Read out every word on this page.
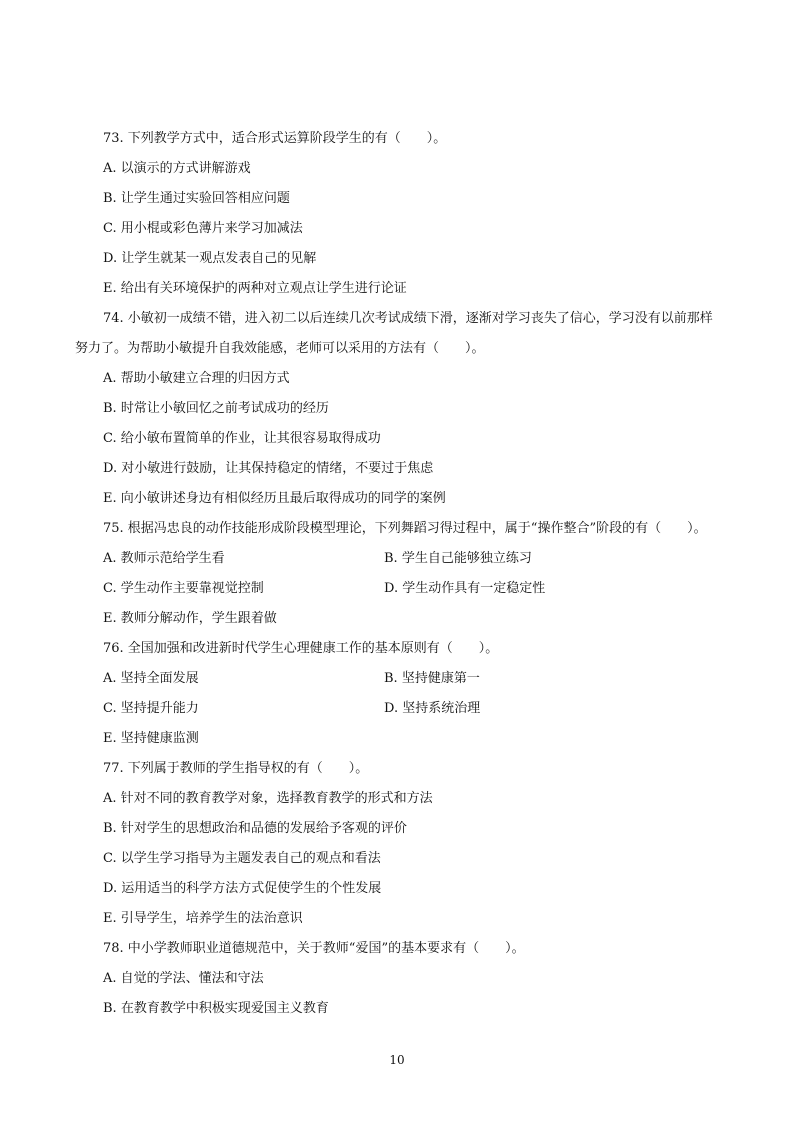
73. 下列教学方式中，适合形式运算阶段学生的有（　　）。
A. 以演示的方式讲解游戏
B. 让学生通过实验回答相应问题
C. 用小棍或彩色薄片来学习加减法
D. 让学生就某一观点发表自己的见解
E. 给出有关环境保护的两种对立观点让学生进行论证
74. 小敏初一成绩不错，进入初二以后连续几次考试成绩下滑，逐渐对学习丧失了信心，学习没有以前那样
努力了。为帮助小敏提升自我效能感，老师可以采用的方法有（　　）。
A. 帮助小敏建立合理的归因方式
B. 时常让小敏回忆之前考试成功的经历
C. 给小敏布置简单的作业，让其很容易取得成功
D. 对小敏进行鼓励，让其保持稳定的情绪，不要过于焦虑
E. 向小敏讲述身边有相似经历且最后取得成功的同学的案例
75. 根据冯忠良的动作技能形成阶段模型理论，下列舞蹈习得过程中，属于“操作整合”阶段的有（　　）。
A. 教师示范给学生看	B. 学生自己能够独立练习
C. 学生动作主要靠视觉控制	D. 学生动作具有一定稳定性
E. 教师分解动作，学生跟着做
76. 全国加强和改进新时代学生心理健康工作的基本原则有（　　）。
A. 坚持全面发展	B. 坚持健康第一
C. 坚持提升能力	D. 坚持系统治理
E. 坚持健康监测
77. 下列属于教师的学生指导权的有（　　）。
A. 针对不同的教育教学对象，选择教育教学的形式和方法
B. 针对学生的思想政治和品德的发展给予客观的评价
C. 以学生学习指导为主题发表自己的观点和看法
D. 运用适当的科学方法方式促使学生的个性发展
E. 引导学生，培养学生的法治意识
78. 中小学教师职业道德规范中，关于教师“爱国”的基本要求有（　　）。
A. 自觉的学法、懂法和守法
B. 在教育教学中积极实现爱国主义教育
10
